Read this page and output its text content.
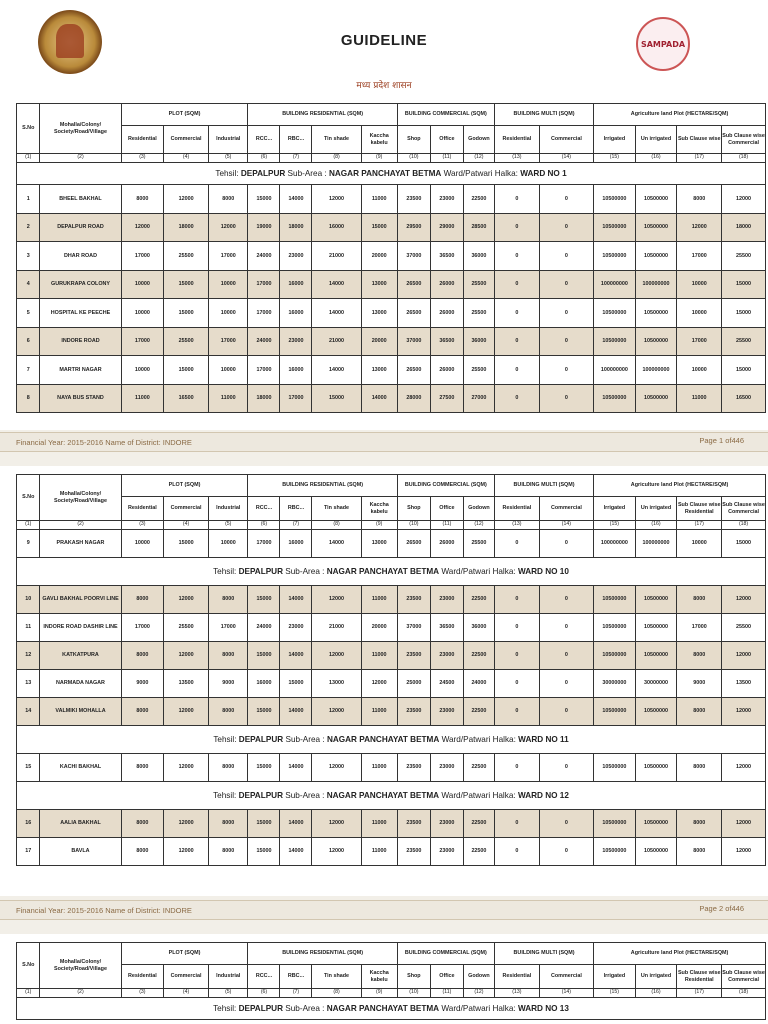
GUIDELINE	SAMPADA
मध्य प्रदेश शासन
S.No	Mohalla/Colony/ Society/Road/Village	PLOT (SQM)			BUILDING RESIDENTIAL (SQM)				BUILDING COMMERCIAL (SQM)			BUILDING MULTI (SQM)		Agriculture land Plot (HECTARE/SQM)			
		Residential	Commercial	Industrial	RCC...	RBC...	Tin shade	Kaccha kabelu	Shop	Office	Godown	Residential	Commercial	Irrigated	Un irrigated	Sub Clause wise	Sub Clause wise Commercial
(1)	(2)	(3)	(4)	(5)	(6)	(7)	(8)	(9)	(10)	(11)	(12)	(13)	(14)	(15)	(16)	(17)	(18)
Tehsil: DEPALPUR Sub-Area : NAGAR PANCHAYAT BETMA Ward/Patwari Halka: WARD NO 1																	
1	BHEEL BAKHAL	8000	12000	8000	15000	14000	12000	11000	23500	23000	22500	0	0	10500000	10500000	8000	12000
2	DEPALPUR ROAD	12000	18000	12000	19000	18000	16000	15000	29500	29000	28500	0	0	10500000	10500000	12000	18000
3	DHAR ROAD	17000	25500	17000	24000	23000	21000	20000	37000	36500	36000	0	0	10500000	10500000	17000	25500
4	GURUKRAPA COLONY	10000	15000	10000	17000	16000	14000	13000	26500	26000	25500	0	0	100000000	100000000	10000	15000
5	HOSPITAL KE PEECHE	10000	15000	10000	17000	16000	14000	13000	26500	26000	25500	0	0	10500000	10500000	10000	15000
6	INDORE ROAD	17000	25500	17000	24000	23000	21000	20000	37000	36500	36000	0	0	10500000	10500000	17000	25500
7	MARTRI NAGAR	10000	15000	10000	17000	16000	14000	13000	26500	26000	25500	0	0	100000000	100000000	10000	15000
8	NAYA BUS STAND	11000	16500	11000	18000	17000	15000	14000	28000	27500	27000	0	0	10500000	10500000	11000	16500
Financial Year: 2015-2016 Name of District: INDORE	Page 1 of446
S.No	Mohalla/Colony/ Society/Road/Village	PLOT (SQM)			BUILDING RESIDENTIAL (SQM)				BUILDING COMMERCIAL (SQM)			BUILDING MULTI (SQM)		Agriculture land Plot (HECTARE/SQM)			
		Residential	Commercial	Industrial	RCC...	RBC...	Tin shade	Kaccha kabelu	Shop	Office	Godown	Residential	Commercial	Irrigated	Un irrigated	Sub Clause wise Residential	Sub Clause wise Commercial
(1)	(2)	(3)	(4)	(5)	(6)	(7)	(8)	(9)	(10)	(11)	(12)	(13)	(14)	(15)	(16)	(17)	(18)
9	PRAKASH NAGAR	10000	15000	10000	17000	16000	14000	13000	26500	26000	25500	0	0	100000000	100000000	10000	15000
Tehsil: DEPALPUR Sub-Area : NAGAR PANCHAYAT BETMA Ward/Patwari Halka: WARD NO 10																	
10	GAVLI BAKHAL POORVI LINE	8000	12000	8000	15000	14000	12000	11000	23500	23000	22500	0	0	10500000	10500000	8000	12000
11	INDORE ROAD DASHIR LINE	17000	25500	17000	24000	23000	21000	20000	37000	36500	36000	0	0	10500000	10500000	17000	25500
12	KATKATPURA	8000	12000	8000	15000	14000	12000	11000	23500	23000	22500	0	0	10500000	10500000	8000	12000
13	NARMADA NAGAR	9000	13500	9000	16000	15000	13000	12000	25000	24500	24000	0	0	30000000	30000000	9000	13500
14	VALMIKI MOHALLA	8000	12000	8000	15000	14000	12000	11000	23500	23000	22500	0	0	10500000	10500000	8000	12000
Tehsil: DEPALPUR Sub-Area : NAGAR PANCHAYAT BETMA Ward/Patwari Halka: WARD NO 11																	
15	KACHI BAKHAL	8000	12000	8000	15000	14000	12000	11000	23500	23000	22500	0	0	10500000	10500000	8000	12000
Tehsil: DEPALPUR Sub-Area : NAGAR PANCHAYAT BETMA Ward/Patwari Halka: WARD NO 12																	
16	AALIA BAKHAL	8000	12000	8000	15000	14000	12000	11000	23500	23000	22500	0	0	10500000	10500000	8000	12000
17	BAVLA	8000	12000	8000	15000	14000	12000	11000	23500	23000	22500	0	0	10500000	10500000	8000	12000
Financial Year: 2015-2016 Name of District: INDORE	Page 2 of446
S.No	Mohalla/Colony/ Society/Road/Village	PLOT (SQM)			BUILDING RESIDENTIAL (SQM)				BUILDING COMMERCIAL (SQM)			BUILDING MULTI (SQM)		Agriculture land Plot (HECTARE/SQM)			
		Residential	Commercial	Industrial	RCC...	RBC...	Tin shade	Kaccha kabelu	Shop	Office	Godown	Residential	Commercial	Irrigated	Un irrigated	Sub Clause wise Residential	Sub Clause wise Commercial
(1)	(2)	(3)	(4)	(5)	(6)	(7)	(8)	(9)	(10)	(11)	(12)	(13)	(14)	(15)	(16)	(17)	(18)
Tehsil: DEPALPUR Sub-Area : NAGAR PANCHAYAT BETMA Ward/Patwari Halka: WARD NO 13																	
